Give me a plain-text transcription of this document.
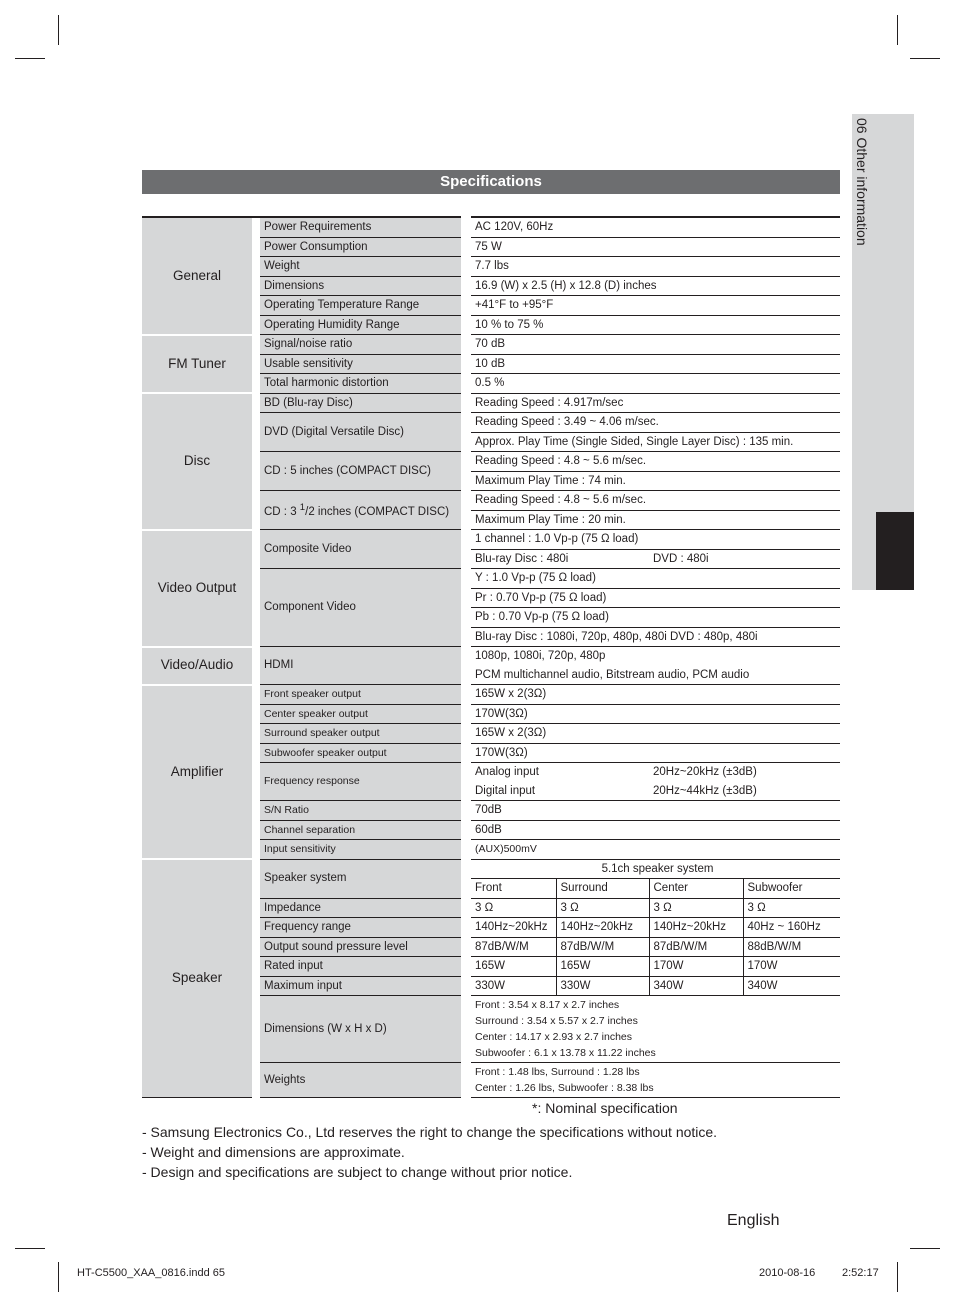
06 Other information
Specifications
General		Power Requirements	AC 120V, 60Hz			
		Power Consumption	75 W			
		Weight	7.7 lbs			
		Dimensions	16.9 (W) x 2.5 (H) x 12.8 (D) inches			
		Operating Temperature Range	+41°F to +95°F			
		Operating Humidity Range	10 % to 75 %			
FM Tuner		Signal/noise ratio	70 dB			
		Usable sensitivity	10 dB			
		Total harmonic distortion	0.5 %			
Disc		BD (Blu-ray Disc)	Reading Speed : 4.917m/sec			
		DVD (Digital Versatile Disc)	Reading Speed : 3.49 ~ 4.06 m/sec.			
			Approx. Play Time (Single Sided, Single Layer Disc) : 135 min.			
		CD : 5 inches (COMPACT DISC)	Reading Speed : 4.8 ~ 5.6 m/sec.			
			Maximum Play Time : 74 min.			
		CD : 3 $^1$/2 inches (COMPACT DISC)	Reading Speed : 4.8 ~ 5.6 m/sec.			
			Maximum Play Time : 20 min.			
Video Output		Composite Video	1 channel : 1.0 Vp-p (75 Ω load)			
			Blu-ray Disc : 480i		DVD : 480i	
		Component Video	Y : 1.0 Vp-p (75 Ω load)			
			Pr : 0.70 Vp-p (75 Ω load)			
			Pb : 0.70 Vp-p (75 Ω load)			
			Blu-ray Disc : 1080i, 720p, 480p, 480i DVD : 480p, 480i			
Video/Audio		HDMI	1080p, 1080i, 720p, 480p			
			PCM multichannel audio, Bitstream audio, PCM audio			
Amplifier		Front speaker output	165W x 2(3Ω)			
		Center speaker output	170W(3Ω)			
		Surround speaker output	165W x 2(3Ω)			
		Subwoofer speaker output	170W(3Ω)			
		Frequency response	Analog input		20Hz~20kHz (±3dB)	
			Digital input		20Hz~44kHz (±3dB)	
		S/N Ratio	70dB			
		Channel separation	60dB			
		Input sensitivity	(AUX)500mV			
Speaker		Speaker system	5.1ch speaker system			
			Front	Surround	Center	Subwoofer
		Impedance	3 Ω	3 Ω	3 Ω	3 Ω
		Frequency range	140Hz~20kHz	140Hz~20kHz	140Hz~20kHz	40Hz ~ 160Hz
		Output sound pressure level	87dB/W/M	87dB/W/M	87dB/W/M	88dB/W/M
		Rated input	165W	165W	170W	170W
		Maximum input	330W	330W	340W	340W
		Dimensions (W x H x D)	Front : 3.54 x 8.17 x 2.7 inches
Surround : 3.54 x 5.57 x 2.7 inches
Center : 14.17 x 2.93 x 2.7 inches
Subwoofer : 6.1 x 13.78 x 11.22 inches			

		Weights	Front : 1.48 lbs, Surround : 1.28 lbs
Center : 1.26 lbs, Subwoofer : 8.38 lbs			
*: Nominal specification
- Samsung Electronics Co., Ltd reserves the right to change the specifications without notice.
- Weight and dimensions are approximate.
- Design and specifications are subject to change without prior notice.
English
HT-C5500_XAA_0816.indd 65	2010-08-16 2:52:17
